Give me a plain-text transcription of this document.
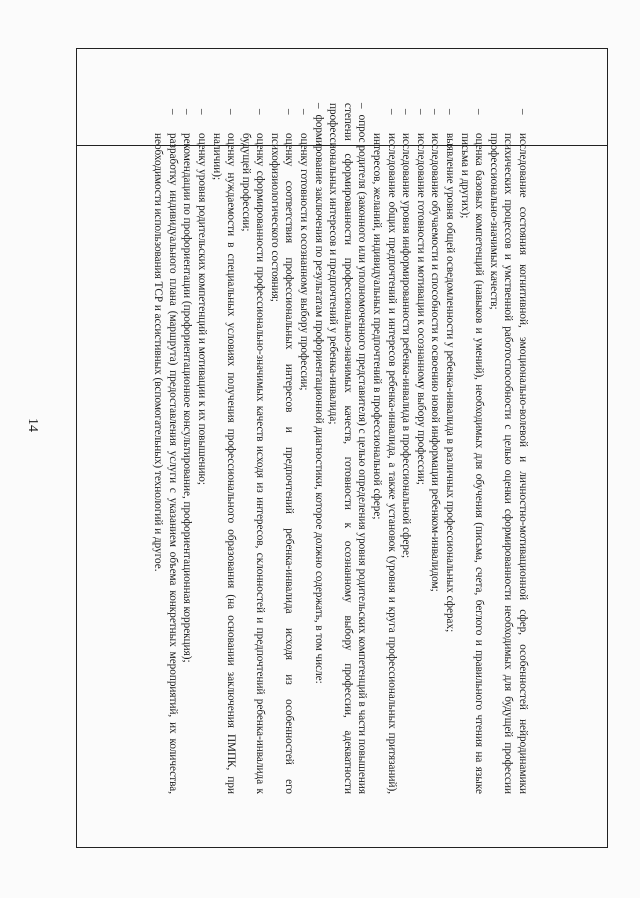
14

–
исследование состояния когнитивной, эмоционально-волевой и личностно-мотивационной сфер, особенностей нейродинамики психических процессов и умственной работоспособности с целью оценки сформированности необходимых для будущей профессии профессионально-значимых качеств;

–
оценка базовых компетенций (навыков и умений), необходимых для обучения (письма, счета, беглого и правильного чтения на языке письма и других);

–
выявление уровня общей осведомленности у ребенка-инвалида в различных профессиональных сферах;

–
исследование обучаемости и способности к освоению новой информации ребенком-инвалидом;

–
исследование готовности и мотивации к осознанному выбору профессии;

–
исследование уровня информированности ребенка-инвалида в профессиональной сфере;

–
исследование общих предпочтений и интересов ребенка-инвалида, а также установок (уровня и круга профессиональных притязаний), интересов, желаний, индивидуальных предпочтений в профессиональной сфере;

–опрос родителя (законного или уполномоченного представителя) с целью определения уровня родительских компетенций в части повышения степени сформированности профессионально-значимых качеств, готовности к осознанному выбору профессии, адекватности профессиональных интересов и предпочтений у ребенка-инвалида;

–формирование заключения по результатам профориентационной диагностики, которое должно содержать, в том числе:

–
оценку готовности к осознанному выбору профессии;

–
оценку соответствия профессиональных интересов и предпочтений ребенка-инвалида исходя из особенностей его психофизиологического состояния;

–
оценку сформированности профессионально-значимых качеств исходя из интересов, склонностей и предпочтений ребенка-инвалида к будущей профессии;

–
оценку нуждаемости в специальных условиях получения профессионального образования (на основании заключения ПМПК, при наличии);

–
оценку уровня родительских компетенций и мотивации к их повышению;

–
рекомендации по профориентации (профориентационное консультирование, профориентационная коррекция);

–
разработку индивидуального плана (маршрута) предоставления услуги с указанием объема конкретных мероприятий, их количества, необходимости использования ТСР и ассистивных (вспомогательных) технологий и другое.
